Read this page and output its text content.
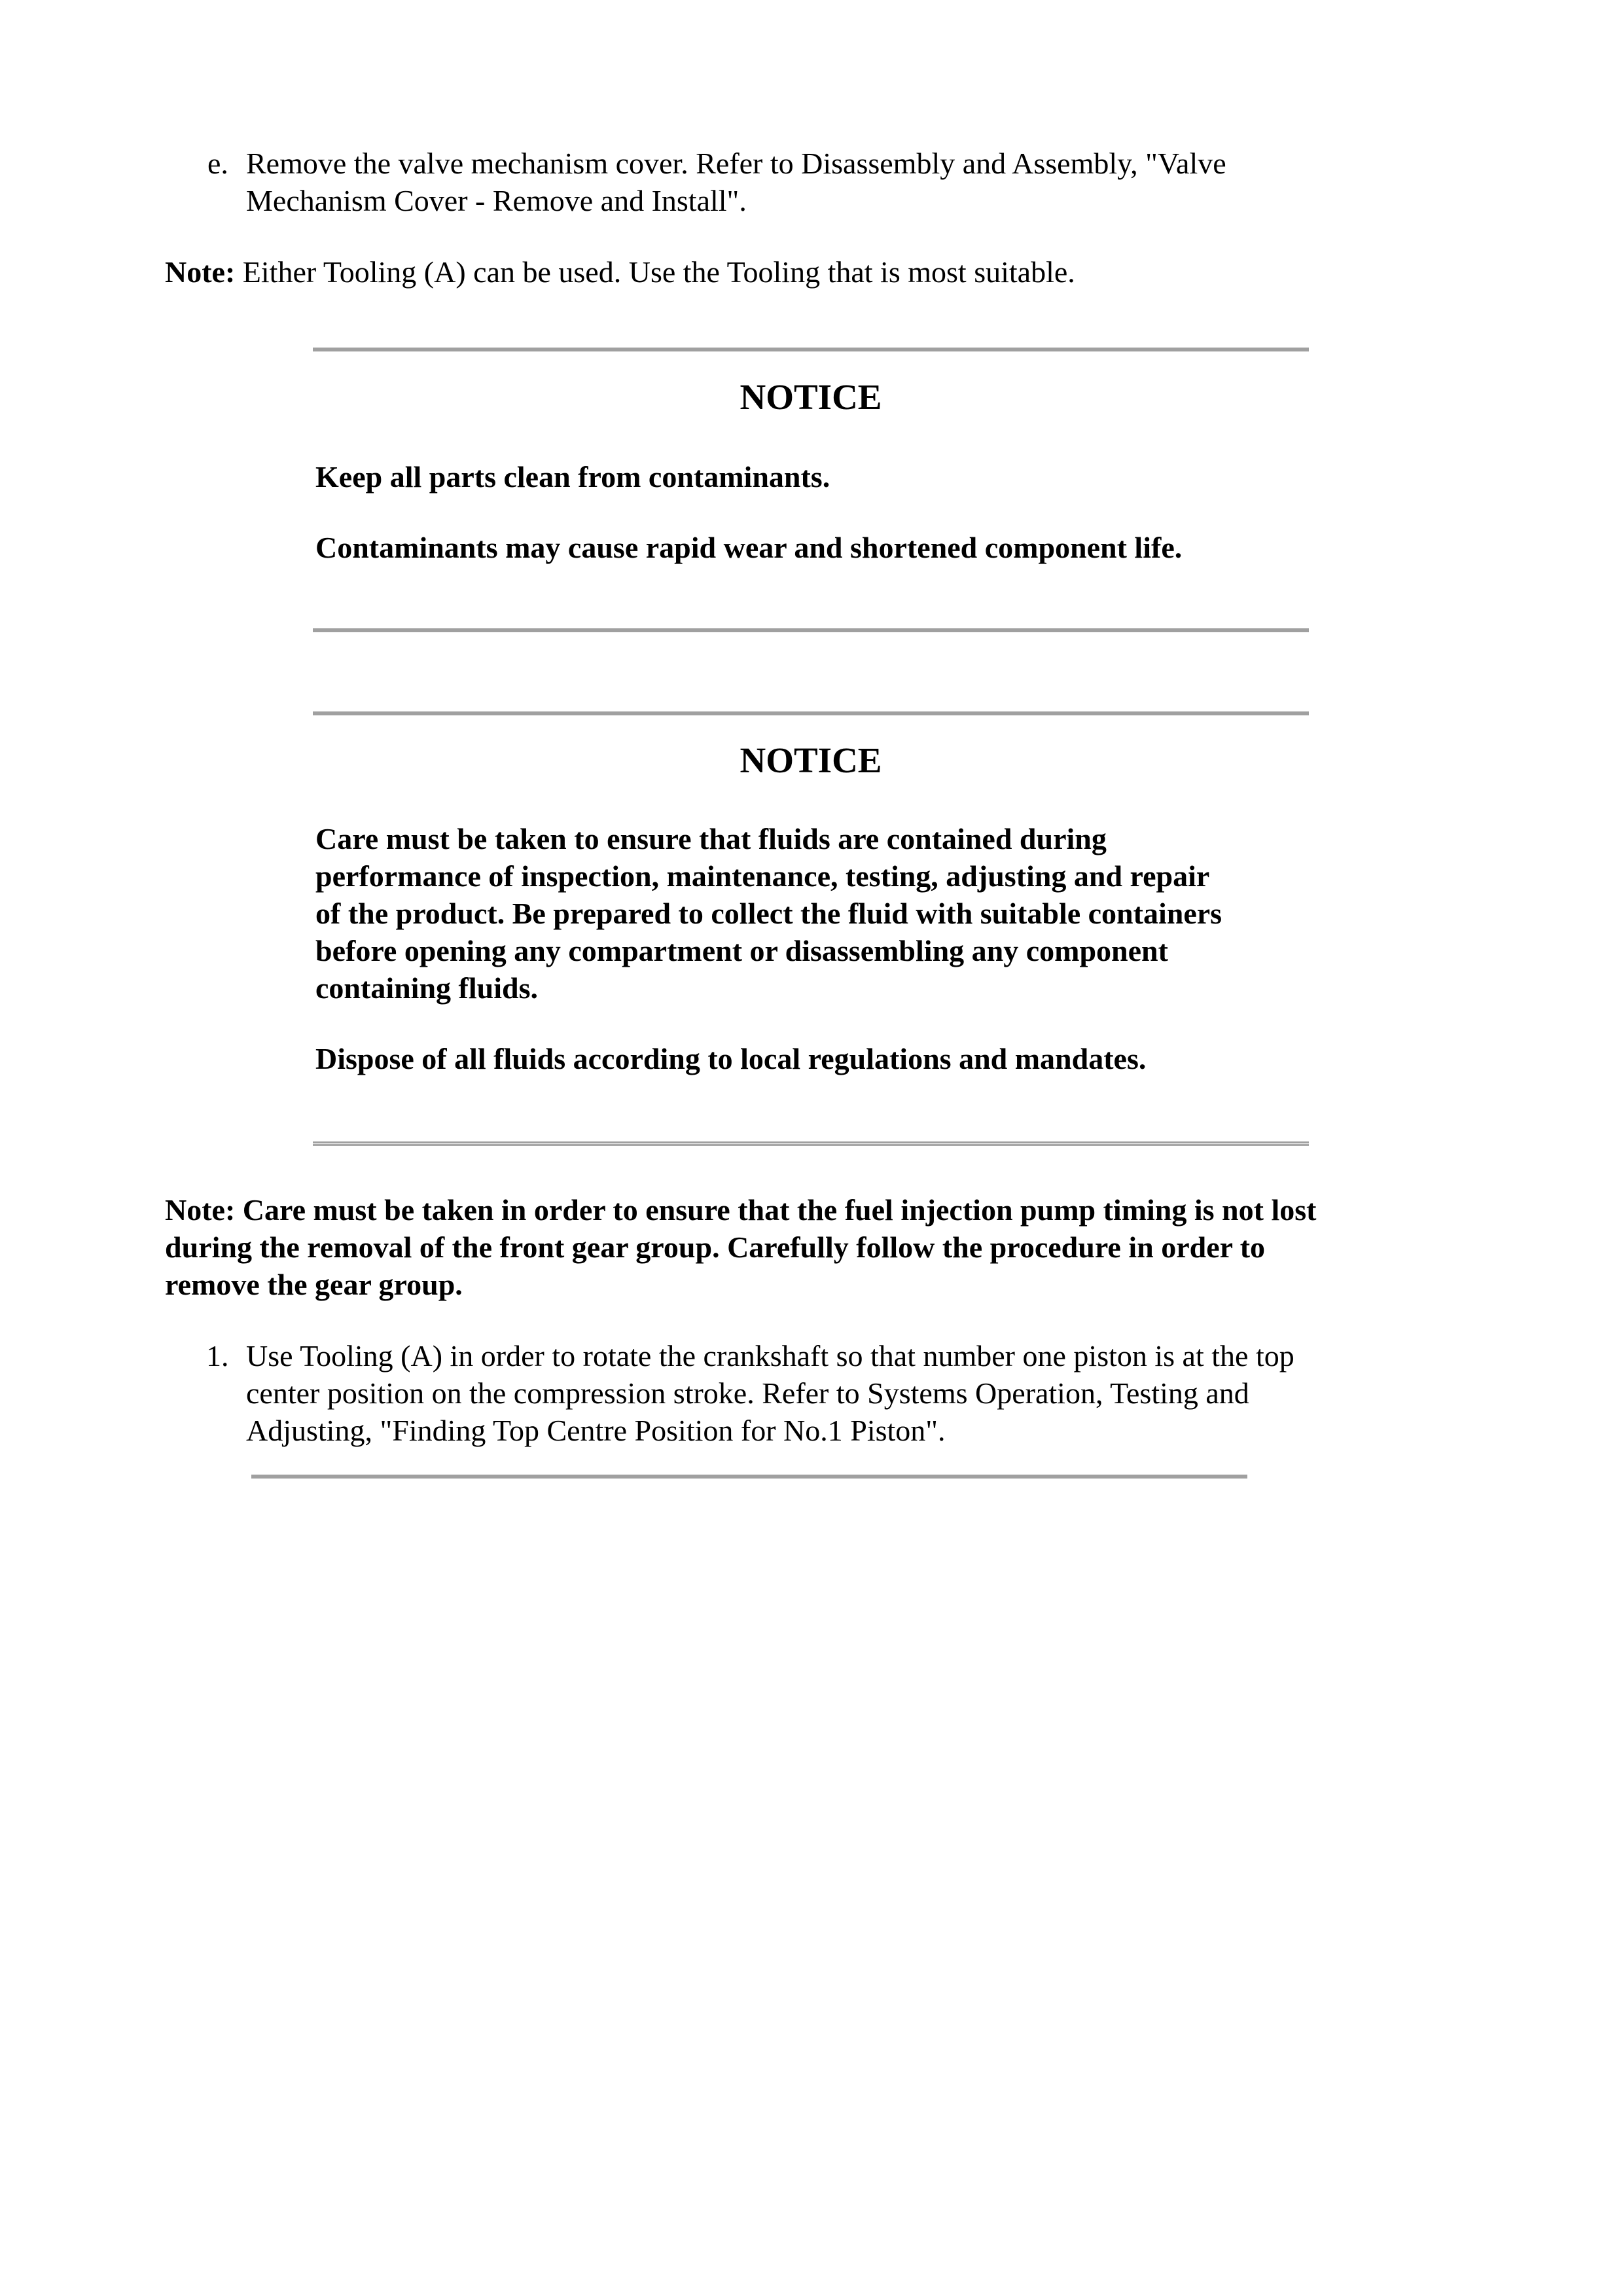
e. Remove the valve mechanism cover. Refer to Disassembly and Assembly, "Valve
Mechanism Cover - Remove and Install".
Note: Either Tooling (A) can be used. Use the Tooling that is most suitable.
NOTICE
Keep all parts clean from contaminants.
Contaminants may cause rapid wear and shortened component life.
NOTICE
Care must be taken to ensure that fluids are contained during
performance of inspection, maintenance, testing, adjusting and repair
of the product. Be prepared to collect the fluid with suitable containers
before opening any compartment or disassembling any component
containing fluids.
Dispose of all fluids according to local regulations and mandates.
Note: Care must be taken in order to ensure that the fuel injection pump timing is not lost
during the removal of the front gear group. Carefully follow the procedure in order to
remove the gear group.
1. Use Tooling (A) in order to rotate the crankshaft so that number one piston is at the top
center position on the compression stroke. Refer to Systems Operation, Testing and
Adjusting, "Finding Top Centre Position for No.1 Piston".
